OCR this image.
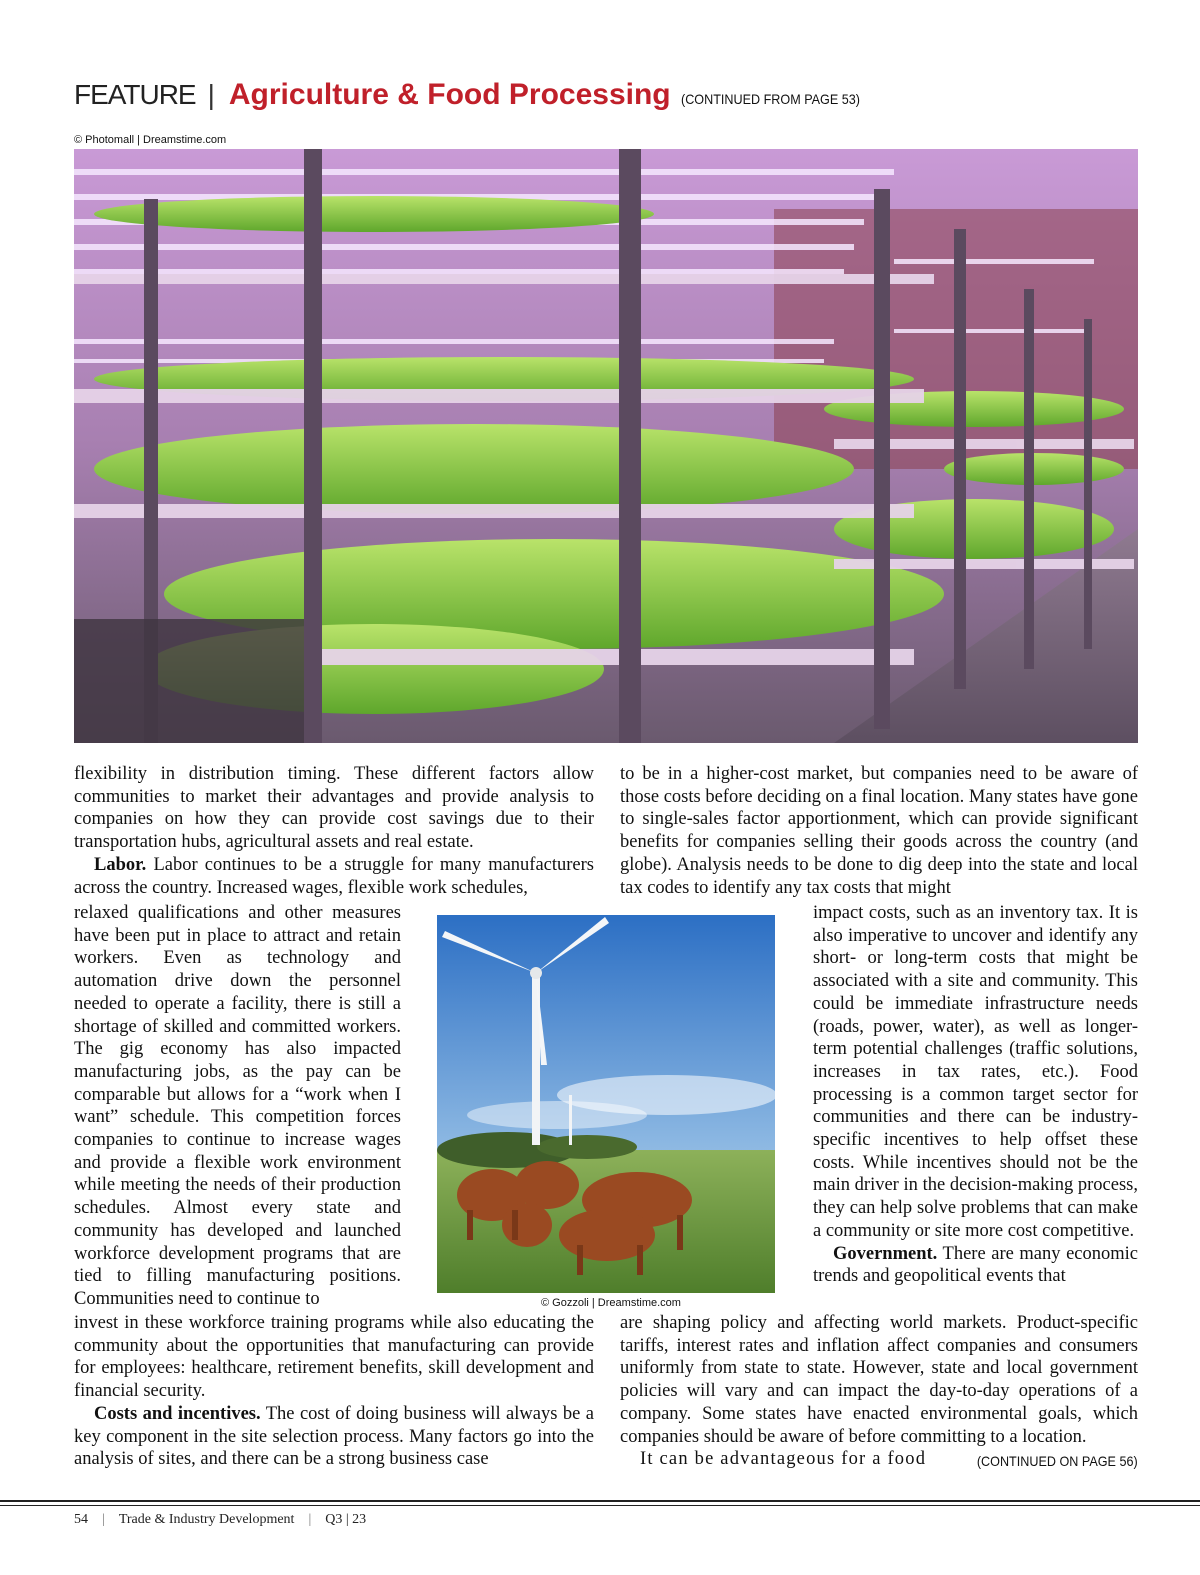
FEATURE | Agriculture & Food Processing (CONTINUED FROM PAGE 53)
© Photomall | Dreamstime.com

flexibility in distribution timing. These different factors allow communities to market their advantages and provide analysis to companies on how they can provide cost savings due to their transportation hubs, agricultural assets and real estate.

Labor. Labor continues to be a struggle for many manufacturers across the country. Increased wages, flexible work schedules,

to be in a higher-cost market, but companies need to be aware of those costs before deciding on a final location. Many states have gone to single-sales factor apportionment, which can provide significant benefits for companies selling their goods across the country (and globe). Analysis needs to be done to dig deep into the state and local tax codes to identify any tax costs that might

relaxed qualifications and other measures have been put in place to attract and retain workers. Even as technology and automation drive down the personnel needed to operate a facility, there is still a shortage of skilled and committed workers. The gig economy has also impacted manufacturing jobs, as the pay can be comparable but allows for a “work when I want” schedule. This competition forces companies to continue to increase wages and provide a flexible work environment while meeting the needs of their production schedules. Almost every state and community has developed and launched workforce development programs that are tied to filling manufacturing positions. Communities need to continue to	© Gozzoli | Dreamstime.com

impact costs, such as an inventory tax. It is also imperative to uncover and identify any short- or long-term costs that might be associated with a site and community. This could be immediate infrastructure needs (roads, power, water), as well as longer-term potential challenges (traffic solutions, increases in tax rates, etc.). Food processing is a common target sector for communities and there can be industry-specific incentives to help offset these costs. While incentives should not be the main driver in the decision-making process, they can help solve problems that can make a community or site more cost competitive.

Government. There are many economic trends and geopolitical events that

invest in these workforce training programs while also educating the community about the opportunities that manufacturing can provide for employees: healthcare, retirement benefits, skill development and financial security.

Costs and incentives. The cost of doing business will always be a key component in the site selection process. Many factors go into the analysis of sites, and there can be a strong business case

are shaping policy and affecting world markets. Product-specific tariffs, interest rates and inflation affect companies and consumers uniformly from state to state. However, state and local government policies will vary and can impact the day-to-day operations of a company. Some states have enacted environmental goals, which companies should be aware of before committing to a location.

It can be advantageous for a food	(CONTINUED ON PAGE 56)

54 | Trade & Industry Development | Q3 | 23
